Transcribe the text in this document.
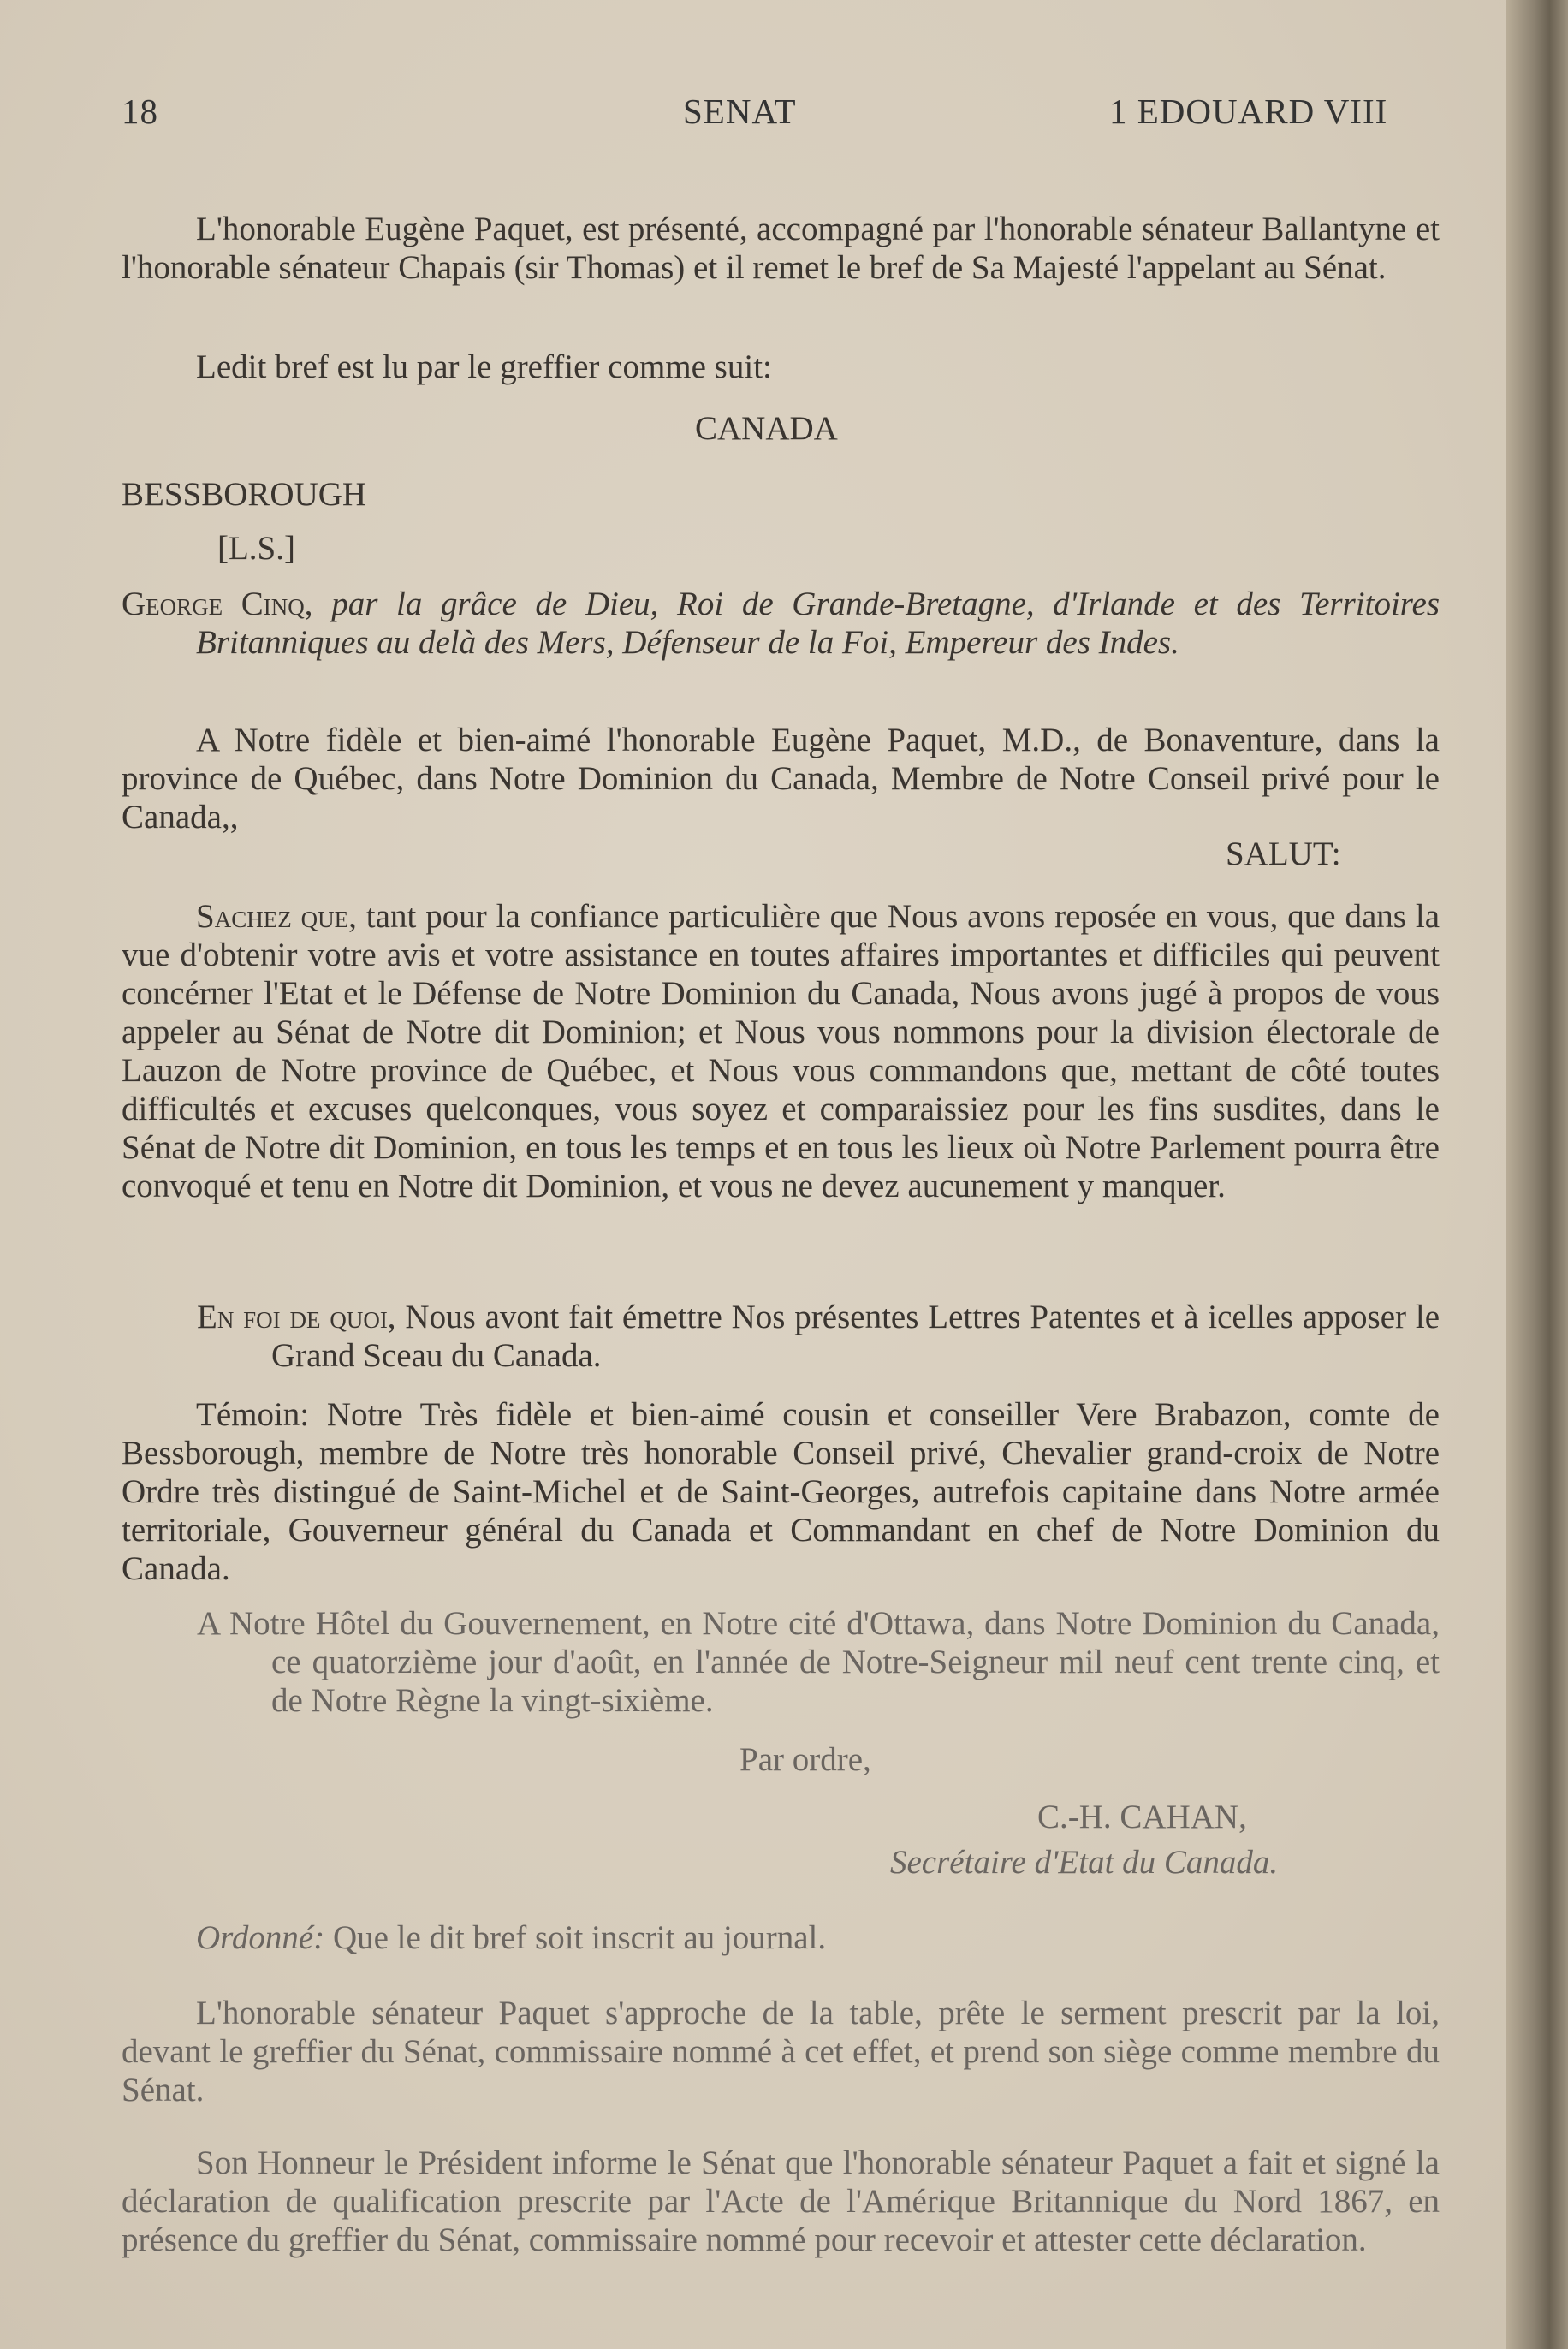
18	SENAT	1 EDOUARD VIII
L'honorable Eugène Paquet, est présenté, accompagné par l'honorable sénateur Ballantyne et l'honorable sénateur Chapais (sir Thomas) et il remet le bref de Sa Majesté l'appelant au Sénat.
Ledit bref est lu par le greffier comme suit:
CANADA
BESSBOROUGH
[L.S.]
George Cinq, par la grâce de Dieu, Roi de Grande-Bretagne, d'Irlande et des Territoires Britanniques au delà des Mers, Défenseur de la Foi, Empereur des Indes.
A Notre fidèle et bien-aimé l'honorable Eugène Paquet, M.D., de Bonaventure, dans la province de Québec, dans Notre Dominion du Canada, Membre de Notre Conseil privé pour le Canada,,
SALUT:
Sachez que, tant pour la confiance particulière que Nous avons reposée en vous, que dans la vue d'obtenir votre avis et votre assistance en toutes affaires importantes et difficiles qui peuvent concérner l'Etat et le Défense de Notre Dominion du Canada, Nous avons jugé à propos de vous appeler au Sénat de Notre dit Dominion; et Nous vous nommons pour la division électorale de Lauzon de Notre province de Québec, et Nous vous commandons que, mettant de côté toutes difficultés et excuses quelconques, vous soyez et comparaissiez pour les fins susdites, dans le Sénat de Notre dit Dominion, en tous les temps et en tous les lieux où Notre Parlement pourra être convoqué et tenu en Notre dit Dominion, et vous ne devez aucunement y manquer.
En foi de quoi, Nous avont fait émettre Nos présentes Lettres Patentes et à icelles apposer le Grand Sceau du Canada.
Témoin: Notre Très fidèle et bien-aimé cousin et conseiller Vere Brabazon, comte de Bessborough, membre de Notre très honorable Conseil privé, Chevalier grand-croix de Notre Ordre très distingué de Saint-Michel et de Saint-Georges, autrefois capitaine dans Notre armée territoriale, Gouverneur général du Canada et Commandant en chef de Notre Dominion du Canada.
A Notre Hôtel du Gouvernement, en Notre cité d'Ottawa, dans Notre Dominion du Canada, ce quatorzième jour d'août, en l'année de Notre-Seigneur mil neuf cent trente cinq, et de Notre Règne la vingt-sixième.
Par ordre,
C.-H. CAHAN,
Secrétaire d'Etat du Canada.
Ordonné: Que le dit bref soit inscrit au journal.
L'honorable sénateur Paquet s'approche de la table, prête le serment prescrit par la loi, devant le greffier du Sénat, commissaire nommé à cet effet, et prend son siège comme membre du Sénat.
Son Honneur le Président informe le Sénat que l'honorable sénateur Paquet a fait et signé la déclaration de qualification prescrite par l'Acte de l'Amérique Britannique du Nord 1867, en présence du greffier du Sénat, commissaire nommé pour recevoir et attester cette déclaration.
